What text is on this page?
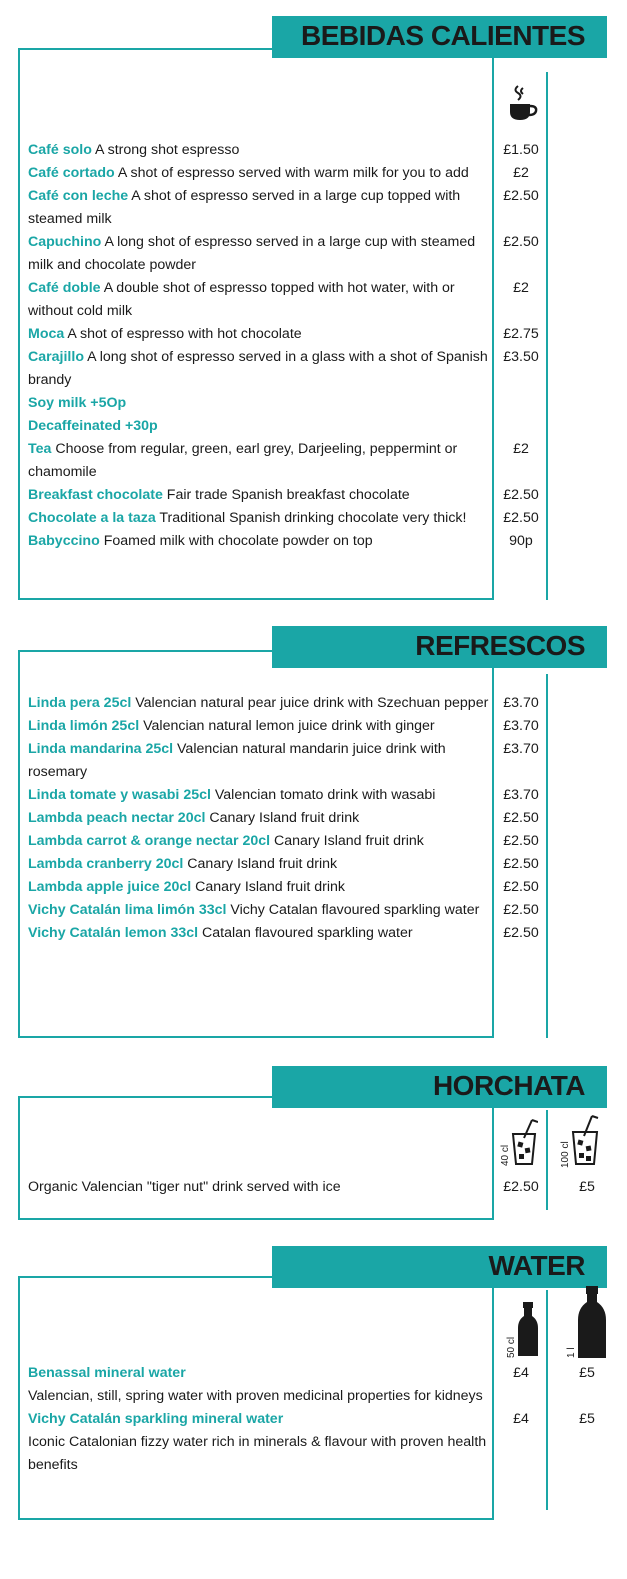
BEBIDAS CALIENTES
Café solo A strong shot espresso	£1.50
Café cortado A shot of espresso served with warm milk for you to add	£2
Café con leche A shot of espresso served in a large cup topped with steamed milk
£2.50
Capuchino A long shot of espresso served in a large cup with steamed milk and chocolate powder
£2.50
Café doble A double shot of espresso topped with hot water, with or without cold milk
£2
Moca A shot of espresso with hot chocolate	£2.75
Carajillo A long shot of espresso served in a glass with a shot of Spanish brandy
£3.50
Soy milk +5Op
Decaffeinated +30p
Tea Choose from regular, green, earl grey, Darjeeling, peppermint or chamomile
£2
Breakfast chocolate Fair trade Spanish breakfast chocolate	£2.50
Chocolate a la taza Traditional Spanish drinking chocolate very thick!	£2.50
Babyccino Foamed milk with chocolate powder on top	90p
REFRESCOS
Linda pera 25cl Valencian natural pear juice drink with Szechuan pepper	£3.70
Linda limón 25cl Valencian natural lemon juice drink with ginger	£3.70
Linda mandarina 25cl Valencian natural mandarin juice drink with rosemary
£3.70
Linda tomate y wasabi 25cl Valencian tomato drink with wasabi	£3.70
Lambda peach nectar 20cl Canary Island fruit drink	£2.50
Lambda carrot & orange nectar 20cl Canary Island fruit drink	£2.50
Lambda cranberry 20cl Canary Island fruit drink	£2.50
Lambda apple juice 20cl Canary Island fruit drink	£2.50
Vichy Catalán lima limón 33cl Vichy Catalan flavoured sparkling water	£2.50
Vichy Catalán lemon 33cl Catalan flavoured sparkling water	£2.50
HORCHATA
40 cl	100 cl
Organic Valencian "tiger nut" drink served with ice	£2.50	£5
WATER
50 cl	1 l
Benassal mineral water
Valencian, still, spring water with proven medicinal properties for kidneys
£4	£5
Vichy Catalán sparkling mineral water
Iconic Catalonian fizzy water rich in minerals & flavour with proven health benefits
£4	£5
